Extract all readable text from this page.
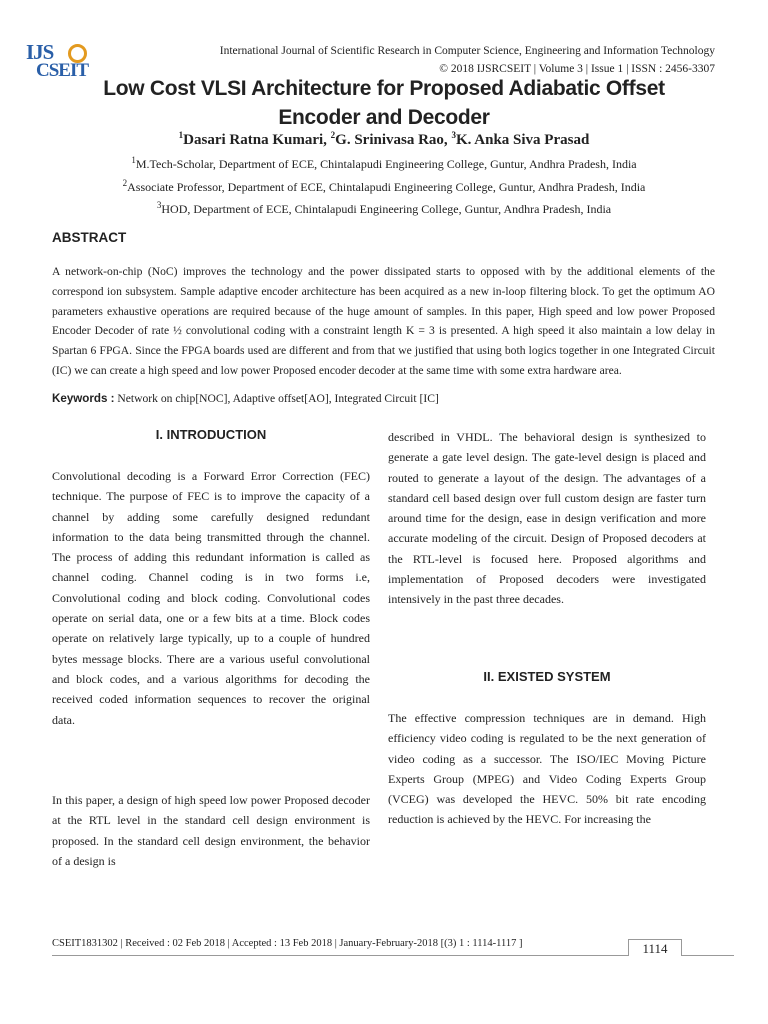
IJS
CSEIT
International Journal of Scientific Research in Computer Science, Engineering and Information Technology
© 2018 IJSRCSEIT | Volume 3 | Issue 1 | ISSN : 2456-3307
Low Cost VLSI Architecture for Proposed Adiabatic Offset Encoder and Decoder
$^1$Dasari Ratna Kumari, $^2$G. Srinivasa Rao, $^3$K. Anka Siva Prasad
$^1$M.Tech-Scholar, Department of ECE, Chintalapudi Engineering College, Guntur, Andhra Pradesh, India
$^2$Associate Professor, Department of ECE, Chintalapudi Engineering College, Guntur, Andhra Pradesh, India
$^3$HOD, Department of ECE, Chintalapudi Engineering College, Guntur, Andhra Pradesh, India
ABSTRACT
A network-on-chip (NoC) improves the technology and the power dissipated starts to opposed with by the additional elements of the correspond ion subsystem. Sample adaptive encoder architecture has been acquired as a new in-loop filtering block. To get the optimum AO parameters exhaustive operations are required because of the huge amount of samples. In this paper, High speed and low power Proposed Encoder Decoder of rate ½ convolutional coding with a constraint length K = 3 is presented. A high speed it also maintain a low delay in Spartan 6 FPGA. Since the FPGA boards used are different and from that we justified that using both logics together in one Integrated Circuit (IC) we can create a high speed and low power Proposed encoder decoder at the same time with some extra hardware area.
Keywords : Network on chip[NOC], Adaptive offset[AO], Integrated Circuit [IC]
I. INTRODUCTION
Convolutional decoding is a Forward Error Correction (FEC) technique. The purpose of FEC is to improve the capacity of a channel by adding some carefully designed redundant information to the data being transmitted through the channel. The process of adding this redundant information is called as channel coding. Channel coding is in two forms i.e, Convolutional coding and block coding. Convolutional codes operate on serial data, one or a few bits at a time. Block codes operate on relatively large typically, up to a couple of hundred bytes message blocks. There are a various useful convolutional and block codes, and a various algorithms for decoding the received coded information sequences to recover the original data.
In this paper, a design of high speed low power Proposed decoder at the RTL level in the standard cell design environment is proposed. In the standard cell design environment, the behavior of a design is
described in VHDL. The behavioral design is synthesized to generate a gate level design. The gate-level design is placed and routed to generate a layout of the design. The advantages of a standard cell based design over full custom design are faster turn around time for the design, ease in design verification and more accurate modeling of the circuit. Design of Proposed decoders at the RTL-level is focused here. Proposed algorithms and implementation of Proposed decoders were investigated intensively in the past three decades.
II. EXISTED SYSTEM
The effective compression techniques are in demand. High efficiency video coding is regulated to be the next generation of video coding as a successor. The ISO/IEC Moving Picture Experts Group (MPEG) and Video Coding Experts Group (VCEG) was developed the HEVC. 50% bit rate encoding reduction is achieved by the HEVC. For increasing the
CSEIT1831302 | Received : 02 Feb 2018 | Accepted : 13 Feb 2018 | January-February-2018 [(3) 1 : 1114-1117 ]	1114
